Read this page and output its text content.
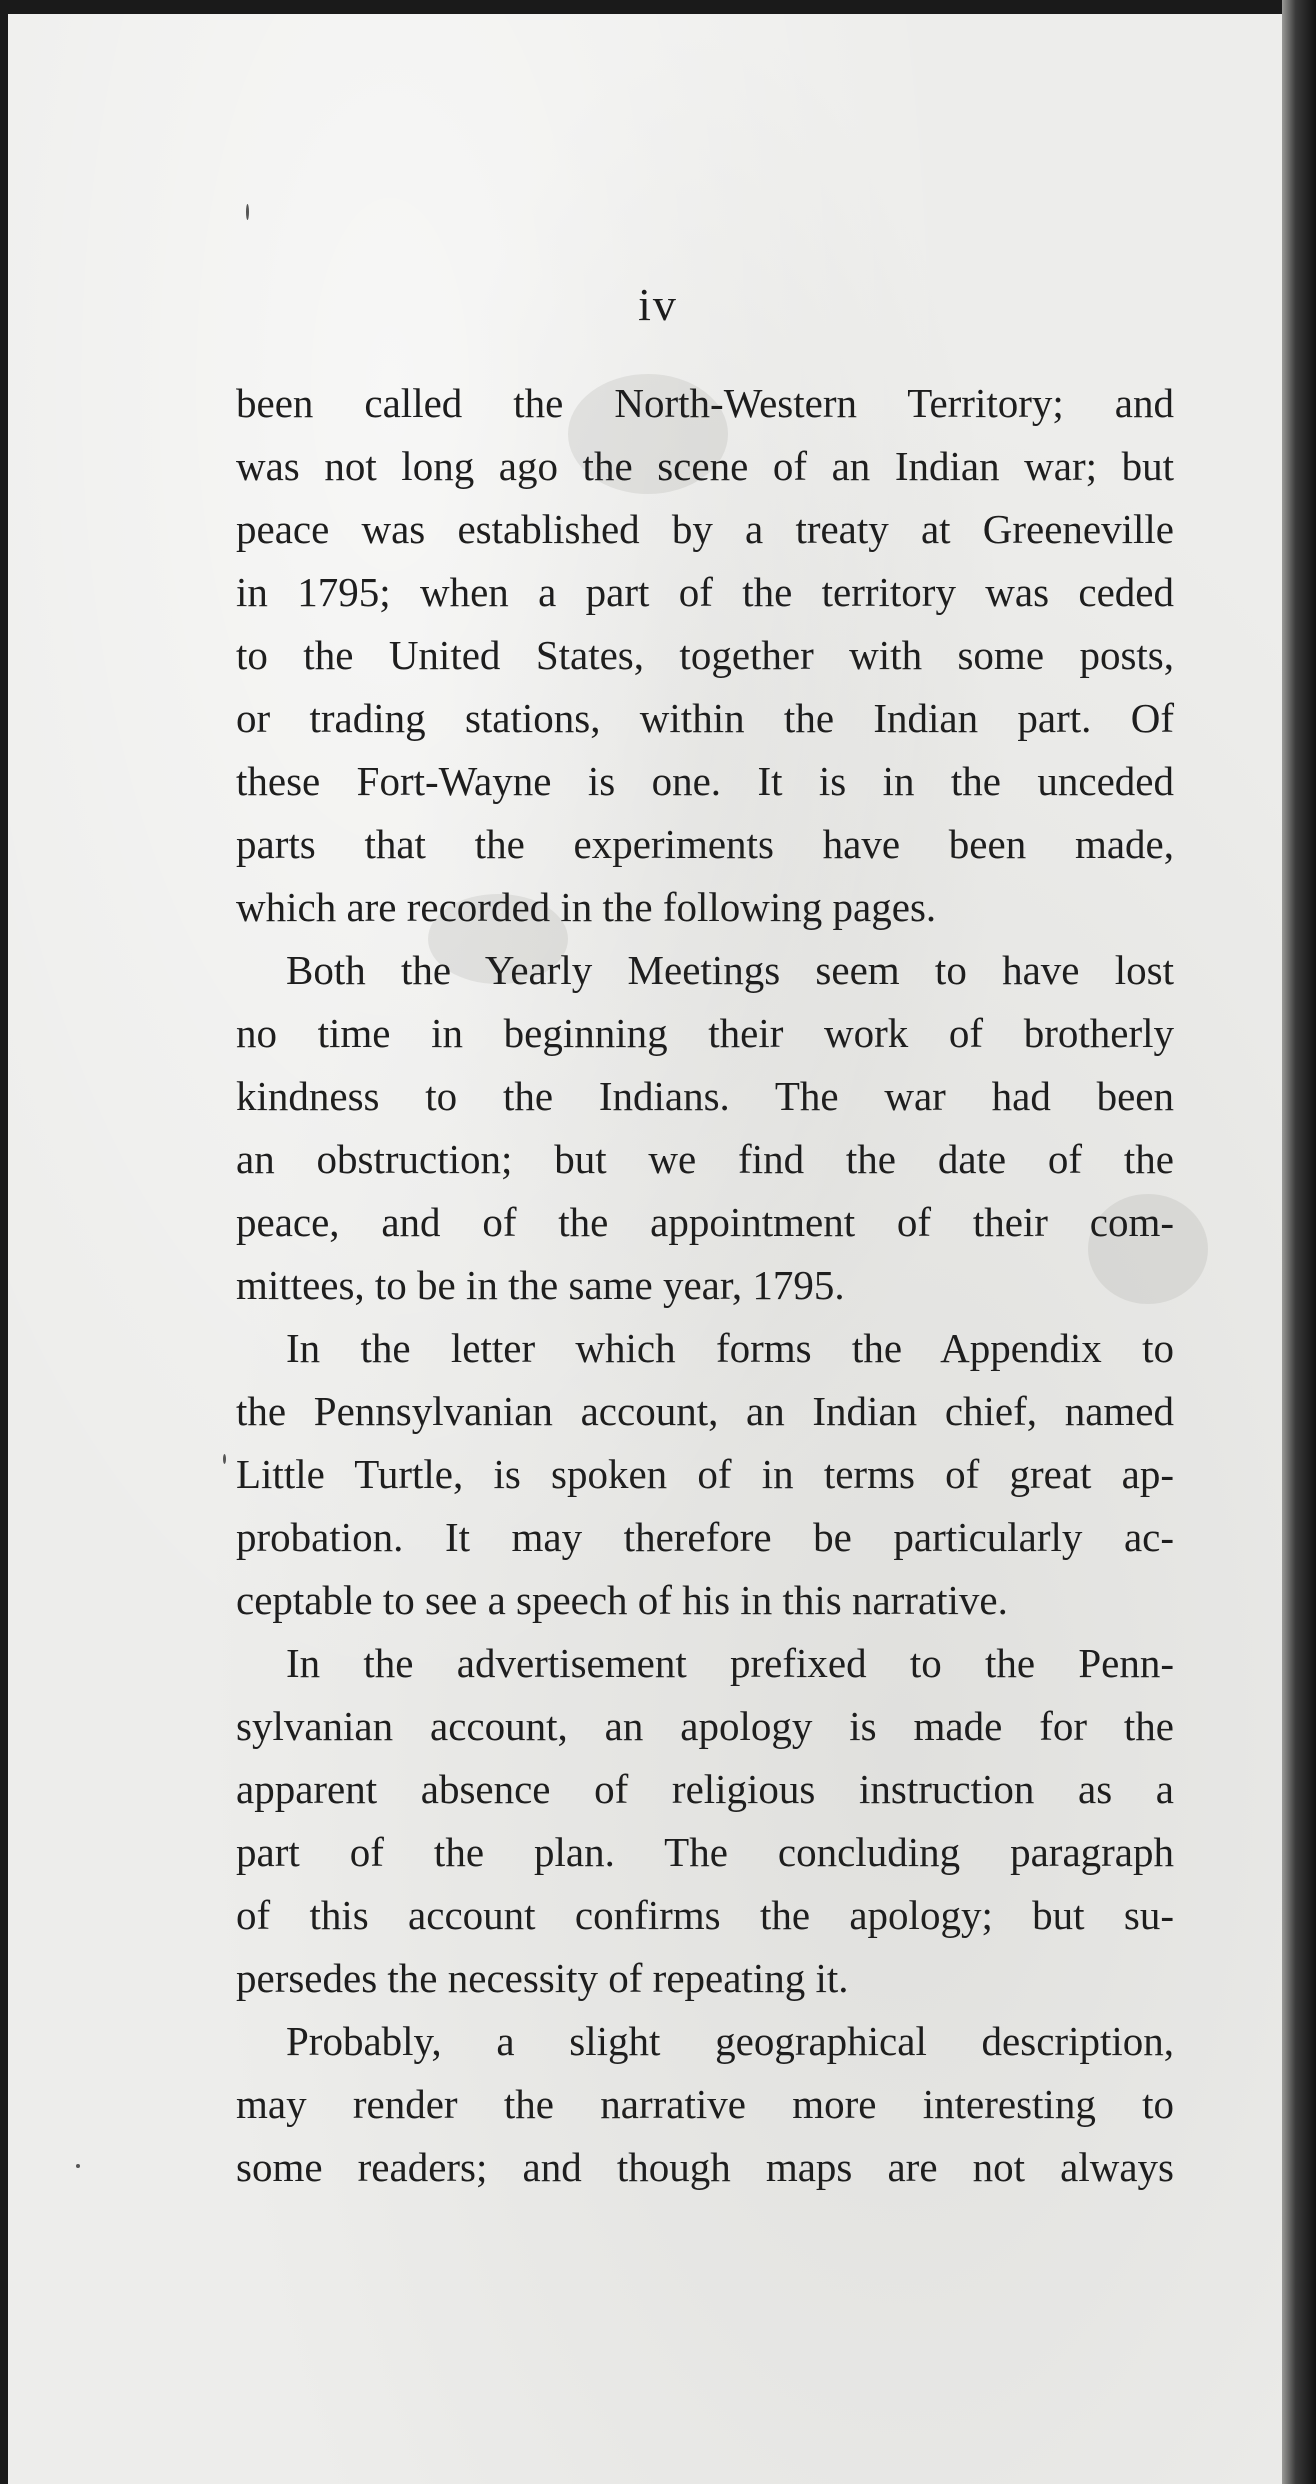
iv
been called the North-Western Territory; and
was not long ago the scene of an Indian war; but
peace was established by a treaty at Greeneville
in 1795; when a part of the territory was ceded
to the United States, together with some posts,
or trading stations, within the Indian part. Of
these Fort-Wayne is one. It is in the unceded
parts that the experiments have been made,
which are recorded in the following pages.
Both the Yearly Meetings seem to have lost
no time in beginning their work of brotherly
kindness to the Indians. The war had been
an obstruction; but we find the date of the
peace, and of the appointment of their com-
mittees, to be in the same year, 1795.
In the letter which forms the Appendix to
the Pennsylvanian account, an Indian chief, named
Little Turtle, is spoken of in terms of great ap-
probation. It may therefore be particularly ac-
ceptable to see a speech of his in this narrative.
In the advertisement prefixed to the Penn-
sylvanian account, an apology is made for the
apparent absence of religious instruction as a
part of the plan. The concluding paragraph
of this account confirms the apology; but su-
persedes the necessity of repeating it.
Probably, a slight geographical description,
may render the narrative more interesting to
some readers; and though maps are not always
